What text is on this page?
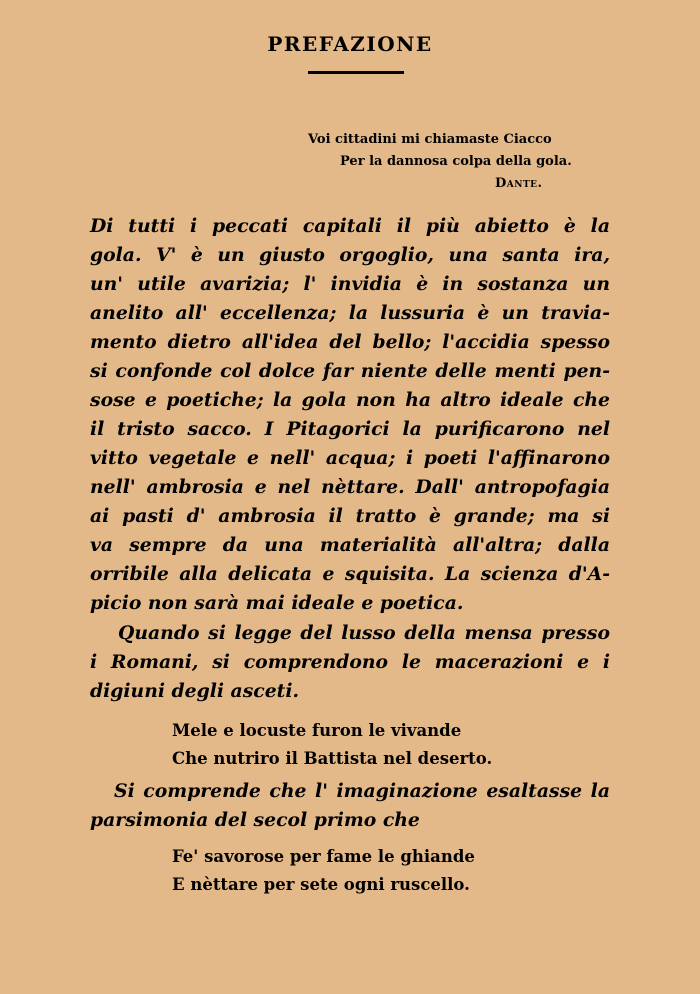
PREFAZIONE
Voi cittadini mi chiamaste Ciacco
Per la dannosa colpa della gola.
Dante.
Di tutti i peccati capitali il più abietto è la
gola. V' è un giusto orgoglio, una santa ira,
un' utile avarizia; l' invidia è in sostanza un
anelito all' eccellenza; la lussuria è un travia-
mento dietro all'idea del bello; l'accidia spesso
si confonde col dolce far niente delle menti pen-
sose e poetiche; la gola non ha altro ideale che
il tristo sacco. I Pitagorici la purificarono nel
vitto vegetale e nell' acqua; i poeti l'affinarono
nell' ambrosia e nel nèttare. Dall' antropofagia
ai pasti d' ambrosia il tratto è grande; ma si
va sempre da una materialità all'altra; dalla
orribile alla delicata e squisita. La scienza d'A-
picio non sarà mai ideale e poetica.
Quando si legge del lusso della mensa presso
i Romani, si comprendono le macerazioni e i
digiuni degli asceti.
Mele e locuste furon le vivande
Che nutriro il Battista nel deserto.
Si comprende che l' imaginazione esaltasse la
parsimonia del secol primo che
Fe' savorose per fame le ghiande
E nèttare per sete ogni ruscello.
